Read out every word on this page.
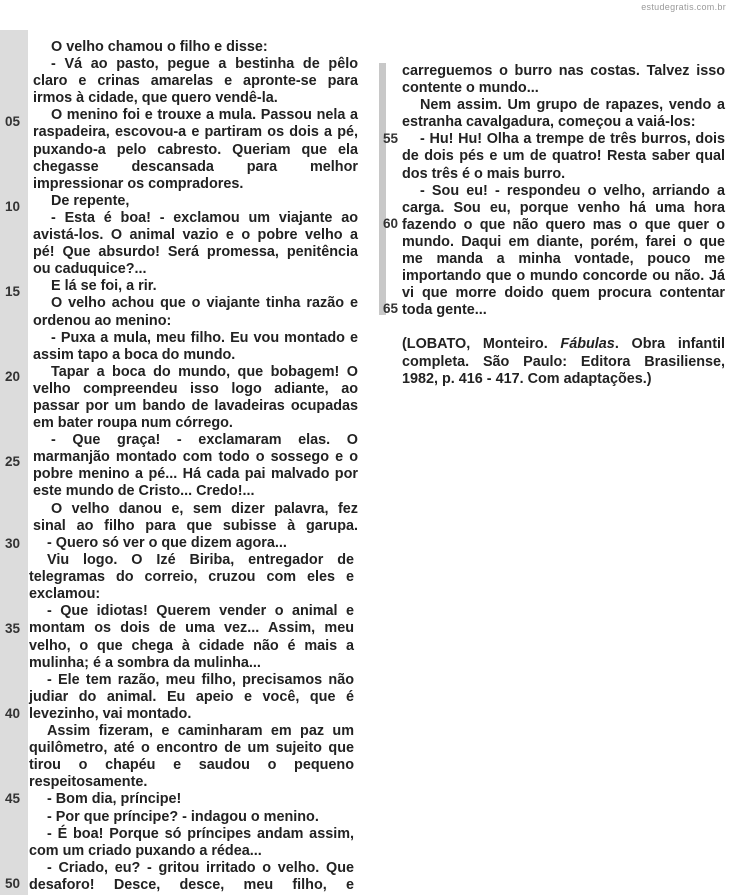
estudegratis.com.br
05
10
15
20
25
30
35
40
45
50
55
60
65
O velho chamou o filho e disse:
- Vá ao pasto, pegue a bestinha de pêlo
claro e crinas amarelas e apronte-se para
irmos à cidade, que quero vendê-la.
O menino foi e trouxe a mula. Passou nela a
raspadeira, escovou-a e partiram os dois a pé,
puxando-a pelo cabresto. Queriam que ela
chegasse descansada para melhor
impressionar os compradores.
De repente,
- Esta é boa! - exclamou um viajante ao
avistá-los. O animal vazio e o pobre velho a
pé! Que absurdo! Será promessa, penitência
ou caduquice?...
E lá se foi, a rir.
O velho achou que o viajante tinha razão e
ordenou ao menino:
- Puxa a mula, meu filho. Eu vou montado e
assim tapo a boca do mundo.
Tapar a boca do mundo, que bobagem! O
velho compreendeu isso logo adiante, ao
passar por um bando de lavadeiras ocupadas
em bater roupa num córrego.
- Que graça! - exclamaram elas. O
marmanjão montado com todo o sossego e o
pobre menino a pé... Há cada pai malvado por
este mundo de Cristo... Credo!...
O velho danou e, sem dizer palavra, fez
sinal ao filho para que subisse à garupa.
- Quero só ver o que dizem agora...
Viu logo. O Izé Biriba, entregador de
telegramas do correio, cruzou com eles e
exclamou:
- Que idiotas! Querem vender o animal e
montam os dois de uma vez... Assim, meu
velho, o que chega à cidade não é mais a
mulinha; é a sombra da mulinha...
- Ele tem razão, meu filho, precisamos não
judiar do animal. Eu apeio e você, que é
levezinho, vai montado.
Assim fizeram, e caminharam em paz um
quilômetro, até o encontro de um sujeito que
tirou o chapéu e saudou o pequeno
respeitosamente.
- Bom dia, príncipe!
- Por que príncipe? - indagou o menino.
- É boa! Porque só príncipes andam assim,
com um criado puxando a rédea...
- Criado, eu? - gritou irritado o velho. Que
desaforo! Desce, desce, meu filho, e
carreguemos o burro nas costas. Talvez isso
contente o mundo...
Nem assim. Um grupo de rapazes, vendo a
estranha cavalgadura, começou a vaiá-los:
- Hu! Hu! Olha a trempe de três burros, dois
de dois pés e um de quatro! Resta saber qual
dos três é o mais burro.
- Sou eu! - respondeu o velho, arriando a
carga. Sou eu, porque venho há uma hora
fazendo o que não quero mas o que quer o
mundo. Daqui em diante, porém, farei o que
me manda a minha vontade, pouco me
importando que o mundo concorde ou não. Já
vi que morre doido quem procura contentar
toda gente...
(LOBATO, Monteiro. Fábulas. Obra infantil
completa. São Paulo: Editora Brasiliense,
1982, p. 416 - 417. Com adaptações.)
